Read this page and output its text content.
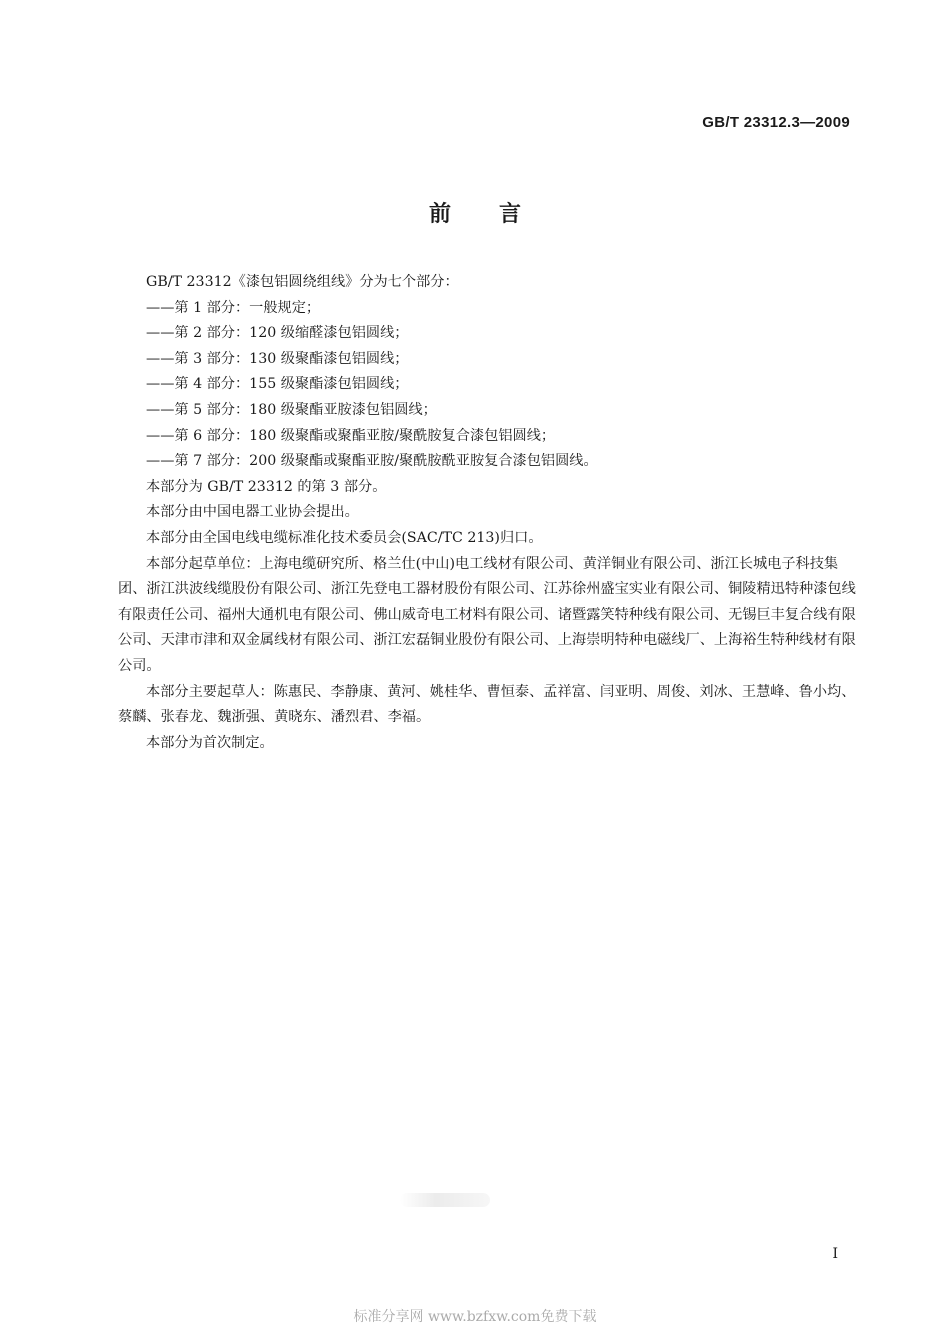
GB/T 23312.3—2009
前言

GB/T 23312《漆包铝圆绕组线》分为七个部分：

——第 1 部分：一般规定；

——第 2 部分：120 级缩醛漆包铝圆线；

——第 3 部分：130 级聚酯漆包铝圆线；

——第 4 部分：155 级聚酯漆包铝圆线；

——第 5 部分：180 级聚酯亚胺漆包铝圆线；

——第 6 部分：180 级聚酯或聚酯亚胺/聚酰胺复合漆包铝圆线；

——第 7 部分：200 级聚酯或聚酯亚胺/聚酰胺酰亚胺复合漆包铝圆线。

本部分为 GB/T 23312 的第 3 部分。

本部分由中国电器工业协会提出。

本部分由全国电线电缆标准化技术委员会(SAC/TC 213)归口。

本部分起草单位：上海电缆研究所、格兰仕(中山)电工线材有限公司、黄洋铜业有限公司、浙江长城电子科技集团、浙江洪波线缆股份有限公司、浙江先登电工器材股份有限公司、江苏徐州盛宝实业有限公司、铜陵精迅特种漆包线有限责任公司、福州大通机电有限公司、佛山威奇电工材料有限公司、诸暨露笑特种线有限公司、无锡巨丰复合线有限公司、天津市津和双金属线材有限公司、浙江宏磊铜业股份有限公司、上海崇明特种电磁线厂、上海裕生特种线材有限公司。

本部分主要起草人：陈惠民、李静康、黄河、姚桂华、曹恒泰、孟祥富、闫亚明、周俊、刘冰、王慧峰、鲁小均、蔡麟、张春龙、魏浙强、黄晓东、潘烈君、李福。

本部分为首次制定。

I
标准分享网 www.bzfxw.com免费下载
